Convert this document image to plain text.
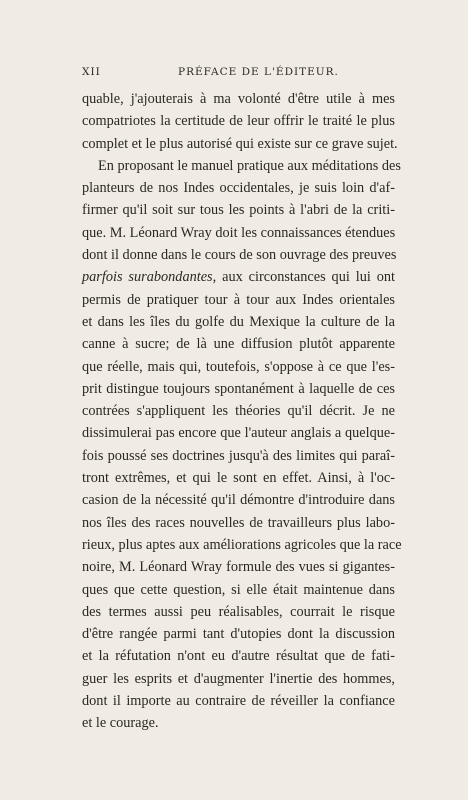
XII	PRÉFACE DE L'ÉDITEUR.
quable, j'ajouterais à ma volonté d'être utile à mes
compatriotes la certitude de leur offrir le traité le plus
complet et le plus autorisé qui existe sur ce grave sujet.
En proposant le manuel pratique aux méditations des
planteurs de nos Indes occidentales, je suis loin d'af-
firmer qu'il soit sur tous les points à l'abri de la criti-
que. M. Léonard Wray doit les connaissances étendues
dont il donne dans le cours de son ouvrage des preuves
parfois surabondantes, aux circonstances qui lui ont
permis de pratiquer tour à tour aux Indes orientales
et dans les îles du golfe du Mexique la culture de la
canne à sucre; de là une diffusion plutôt apparente
que réelle, mais qui, toutefois, s'oppose à ce que l'es-
prit distingue toujours spontanément à laquelle de ces
contrées s'appliquent les théories qu'il décrit. Je ne
dissimulerai pas encore que l'auteur anglais a quelque-
fois poussé ses doctrines jusqu'à des limites qui paraî-
tront extrêmes, et qui le sont en effet. Ainsi, à l'oc-
casion de la nécessité qu'il démontre d'introduire dans
nos îles des races nouvelles de travailleurs plus labo-
rieux, plus aptes aux améliorations agricoles que la race
noire, M. Léonard Wray formule des vues si gigantes-
ques que cette question, si elle était maintenue dans
des termes aussi peu réalisables, courrait le risque
d'être rangée parmi tant d'utopies dont la discussion
et la réfutation n'ont eu d'autre résultat que de fati-
guer les esprits et d'augmenter l'inertie des hommes,
dont il importe au contraire de réveiller la confiance
et le courage.
